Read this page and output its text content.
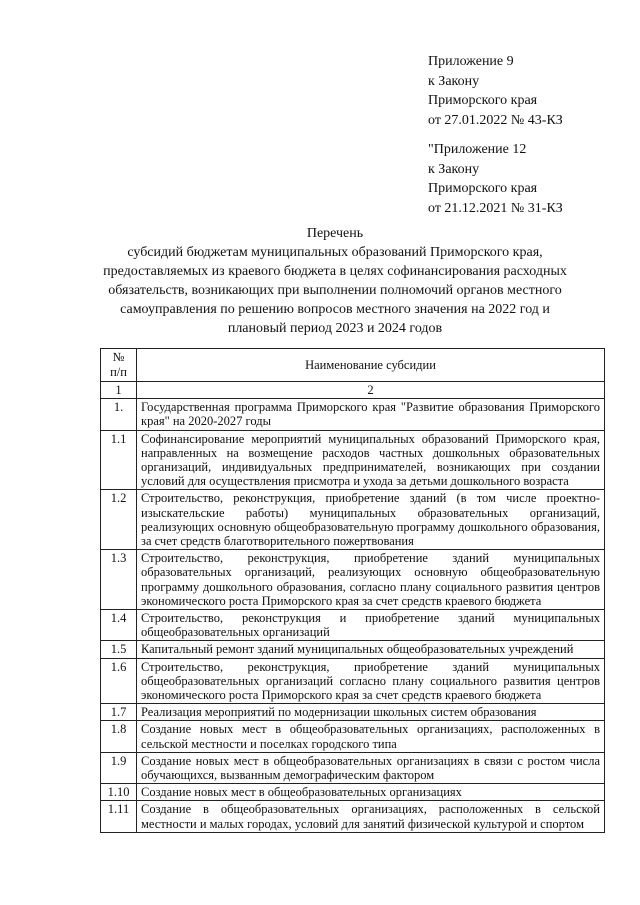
Приложение 9
к Закону
Приморского края
от 27.01.2022 № 43-КЗ
"Приложение 12
к Закону
Приморского края
от 21.12.2021 № 31-КЗ
Перечень
субсидий бюджетам муниципальных образований Приморского края,
предоставляемых из краевого бюджета в целях софинансирования расходных
обязательств, возникающих при выполнении полномочий органов местного
самоуправления по решению вопросов местного значения на 2022 год и
плановый период 2023 и 2024 годов
№
п/п	Наименование субсидии
1	2
1.	Государственная программа Приморского края "Развитие образования Приморского края" на 2020-2027 годы
1.1	Софинансирование мероприятий муниципальных образований Приморского края, направленных на возмещение расходов частных дошкольных образовательных организаций, индивидуальных предпринимателей, возникающих при создании условий для осуществления присмотра и ухода за детьми дошкольного возраста
1.2	Строительство, реконструкция, приобретение зданий (в том числе проектно-изыскательские работы) муниципальных образовательных организаций, реализующих основную общеобразовательную программу дошкольного образования, за счет средств благотворительного пожертвования
1.3	Строительство, реконструкция, приобретение зданий муниципальных образовательных организаций, реализующих основную общеобразовательную программу дошкольного образования, согласно плану социального развития центров экономического роста Приморского края за счет средств краевого бюджета
1.4	Строительство, реконструкция и приобретение зданий муниципальных общеобразовательных организаций
1.5	Капитальный ремонт зданий муниципальных общеобразовательных учреждений
1.6	Строительство, реконструкция, приобретение зданий муниципальных общеобразовательных организаций согласно плану социального развития центров экономического роста Приморского края за счет средств краевого бюджета
1.7	Реализация мероприятий по модернизации школьных систем образования
1.8	Создание новых мест в общеобразовательных организациях, расположенных в сельской местности и поселках городского типа
1.9	Создание новых мест в общеобразовательных организациях в связи с ростом числа обучающихся, вызванным демографическим фактором
1.10	Создание новых мест в общеобразовательных организациях
1.11	Создание в общеобразовательных организациях, расположенных в сельской местности и малых городах, условий для занятий физической культурой и спортом
